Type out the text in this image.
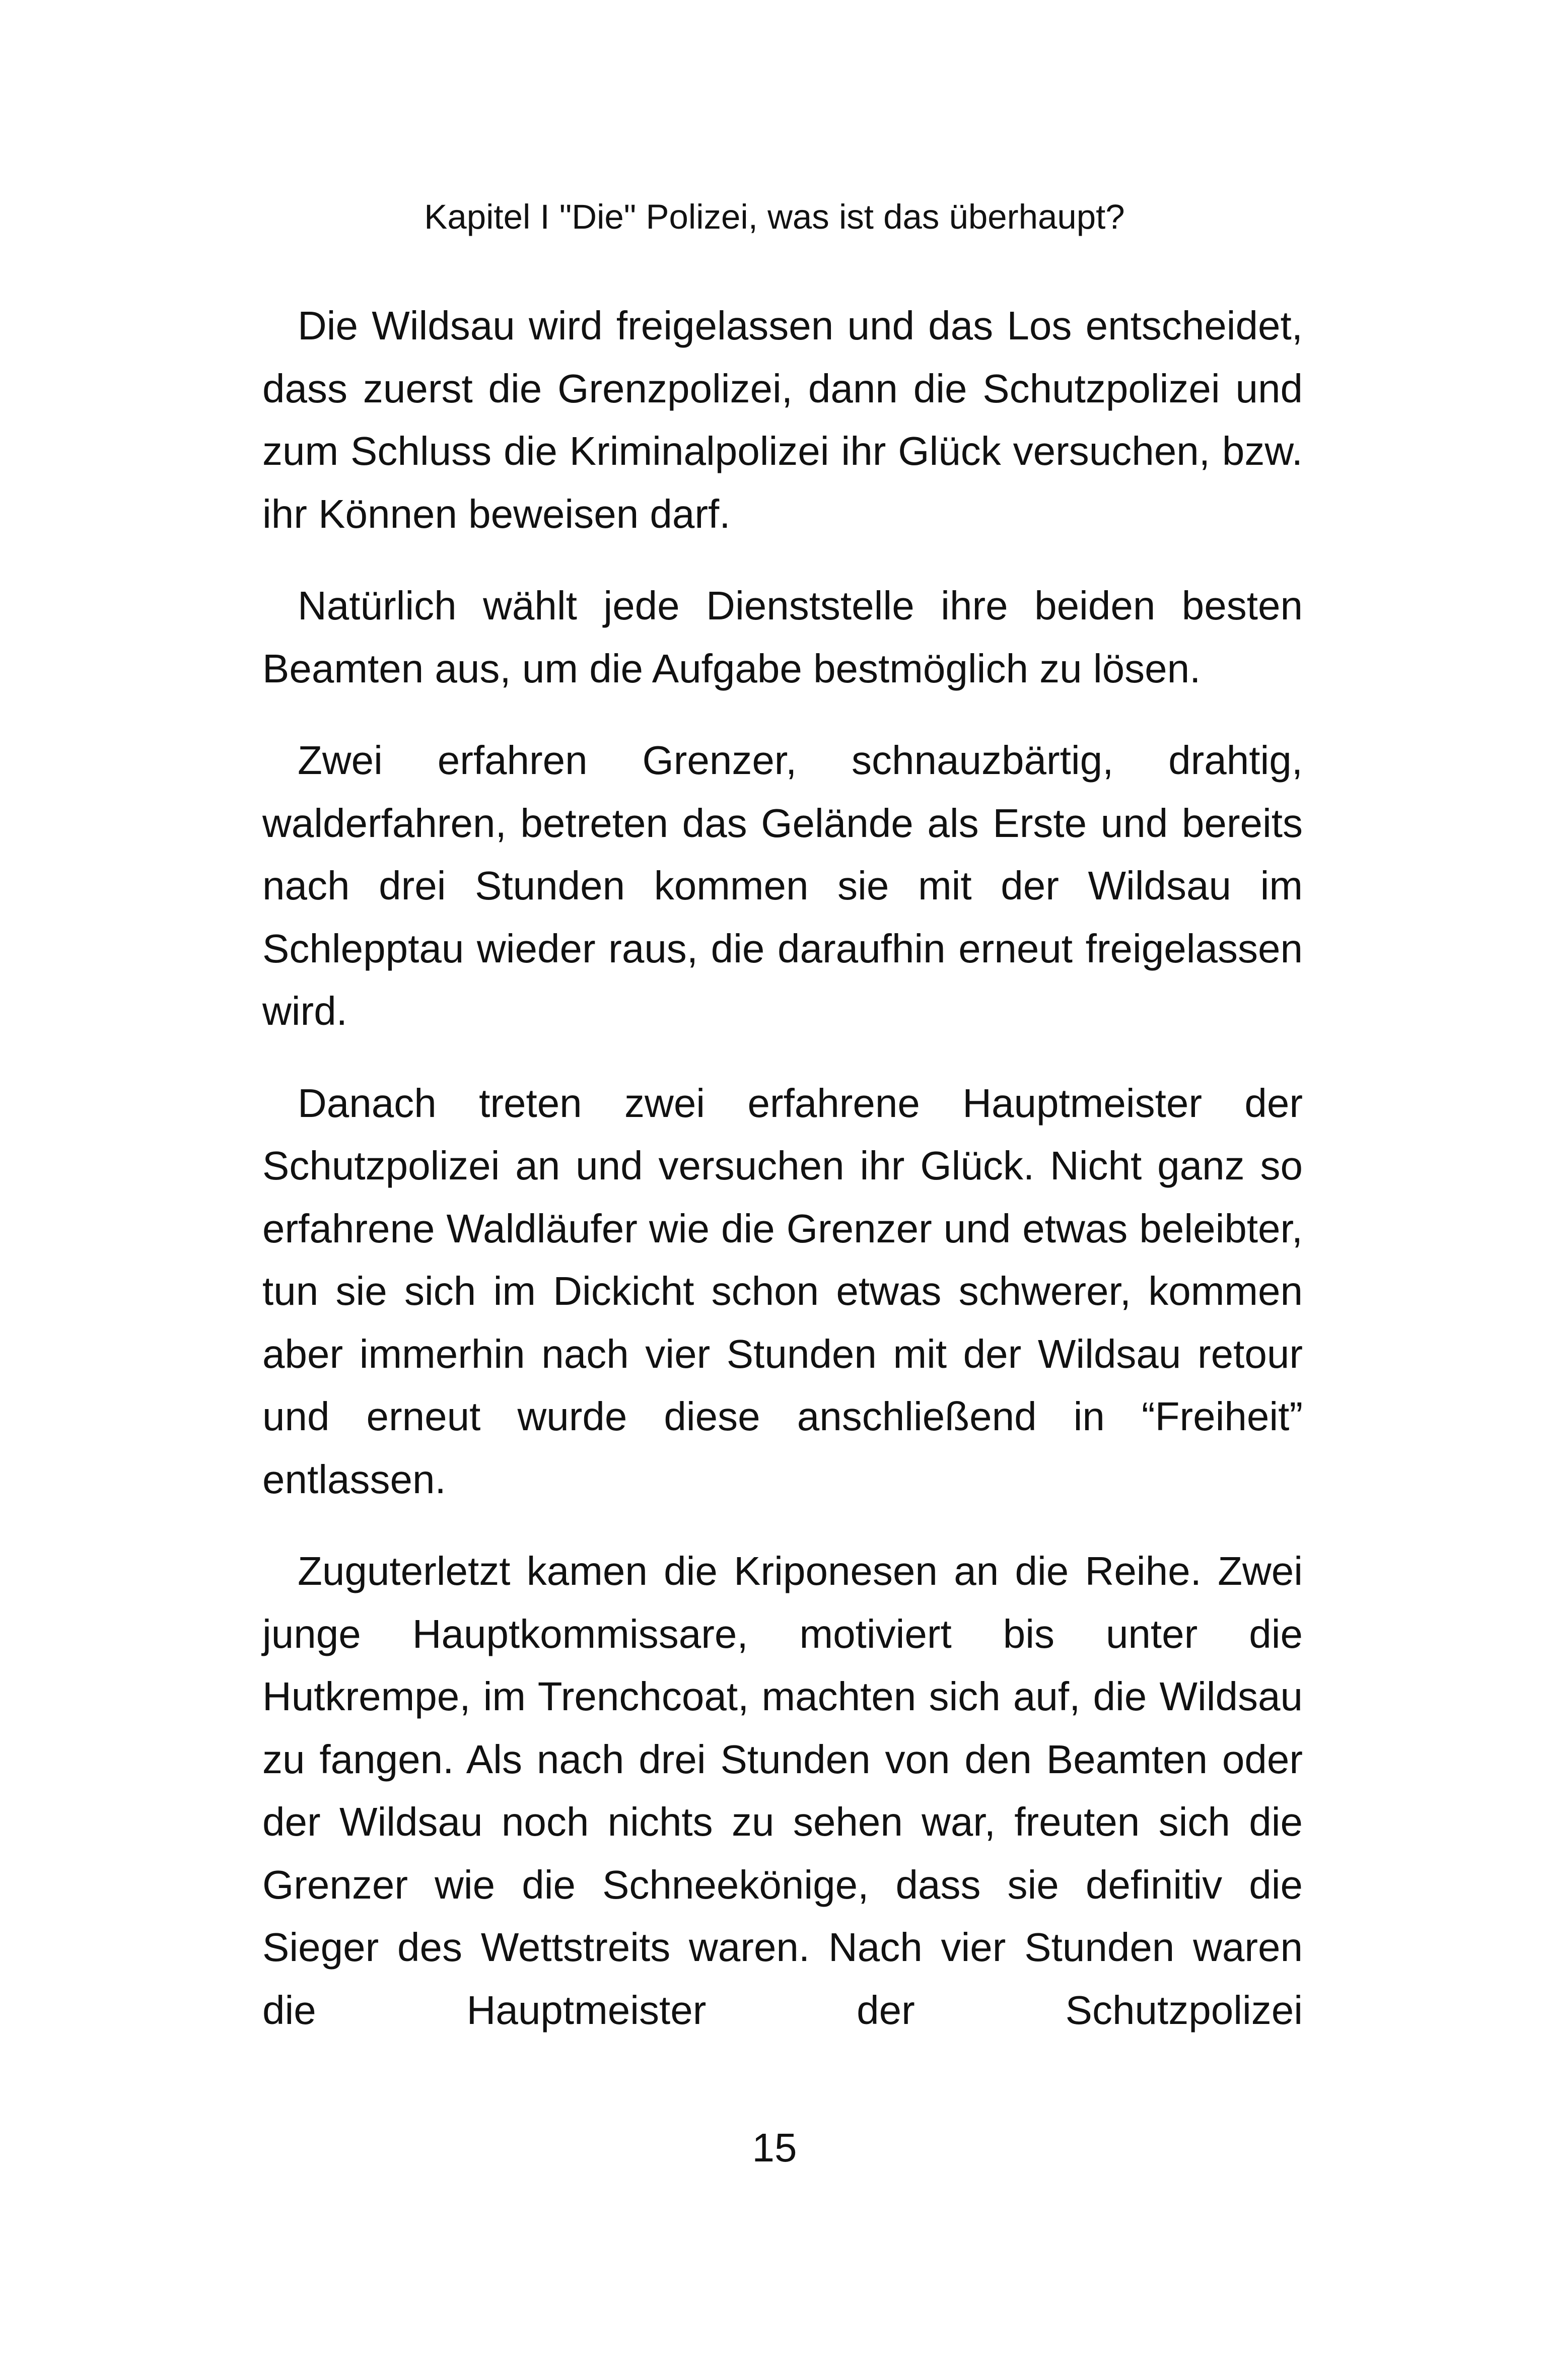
Kapitel I "Die" Polizei, was ist das überhaupt?

Die Wildsau wird freigelassen und das Los entscheidet, dass zuerst die Grenzpolizei, dann die Schutzpolizei und zum Schluss die Kriminalpolizei ihr Glück versuchen, bzw. ihr Können beweisen darf.

Natürlich wählt jede Dienststelle ihre beiden besten Beamten aus, um die Aufgabe bestmöglich zu lösen.

Zwei erfahren Grenzer, schnauzbärtig, drahtig, walderfahren, betreten das Gelände als Erste und bereits nach drei Stunden kommen sie mit der Wildsau im Schlepptau wieder raus, die daraufhin erneut freigelassen wird.

Danach treten zwei erfahrene Hauptmeister der Schutzpolizei an und versuchen ihr Glück. Nicht ganz so erfahrene Waldläufer wie die Grenzer und etwas beleibter, tun sie sich im Dickicht schon etwas schwerer, kommen aber immerhin nach vier Stunden mit der Wildsau retour und erneut wurde diese anschließend in “Freiheit” entlassen.

Zuguterletzt kamen die Kriponesen an die Reihe. Zwei junge Hauptkommissare, motiviert bis unter die Hutkrempe, im Trenchcoat, machten sich auf, die Wildsau zu fangen. Als nach drei Stunden von den Beamten oder der Wildsau noch nichts zu sehen war, freuten sich die Grenzer wie die Schneekönige, dass sie definitiv die Sieger des Wettstreits waren. Nach vier Stunden waren die Hauptmeister der Schutzpolizei

15
